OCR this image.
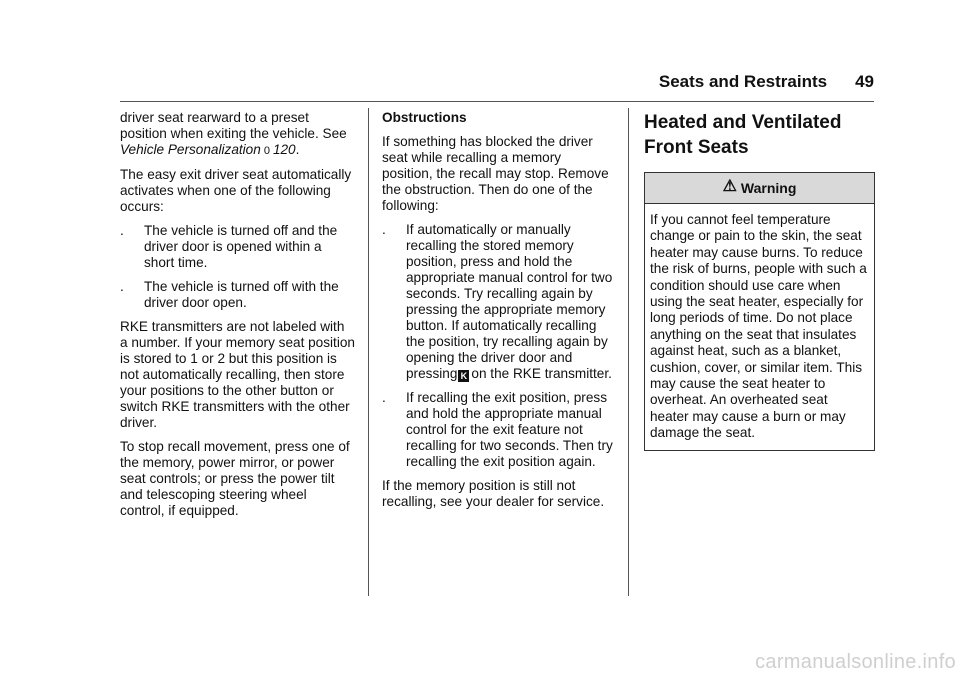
Seats and Restraints 49

driver seat rearward to a preset position when exiting the vehicle. See Vehicle Personalization 0 120.

The easy exit driver seat automatically activates when one of the following occurs:

.	The vehicle is turned off and the driver door is opened within a short time.
.	The vehicle is turned off with the driver door open.

RKE transmitters are not labeled with a number. If your memory seat position is stored to 1 or 2 but this position is not automatically recalling, then store your positions to the other button or switch RKE transmitters with the other driver.

To stop recall movement, press one of the memory, power mirror, or power seat controls; or press the power tilt and telescoping steering wheel control, if equipped.

Obstructions

If something has blocked the driver seat while recalling a memory position, the recall may stop. Remove the obstruction. Then do one of the following:

.	If automatically or manually recalling the stored memory position, press and hold the appropriate manual control for two seconds. Try recalling again by pressing the appropriate memory button. If automatically recalling the position, try recalling again by opening the driver door and pressing K on the RKE transmitter.
.	If recalling the exit position, press and hold the appropriate manual control for the exit feature not recalling for two seconds. Then try recalling the exit position again.

If the memory position is still not recalling, see your dealer for service.

Heated and Ventilated Front Seats
⚠ Warning
If you cannot feel temperature change or pain to the skin, the seat heater may cause burns. To reduce the risk of burns, people with such a condition should use care when using the seat heater, especially for long periods of time. Do not place anything on the seat that insulates against heat, such as a blanket, cushion, cover, or similar item. This may cause the seat heater to overheat. An overheated seat heater may cause a burn or may damage the seat.
carmanualsonline.info
